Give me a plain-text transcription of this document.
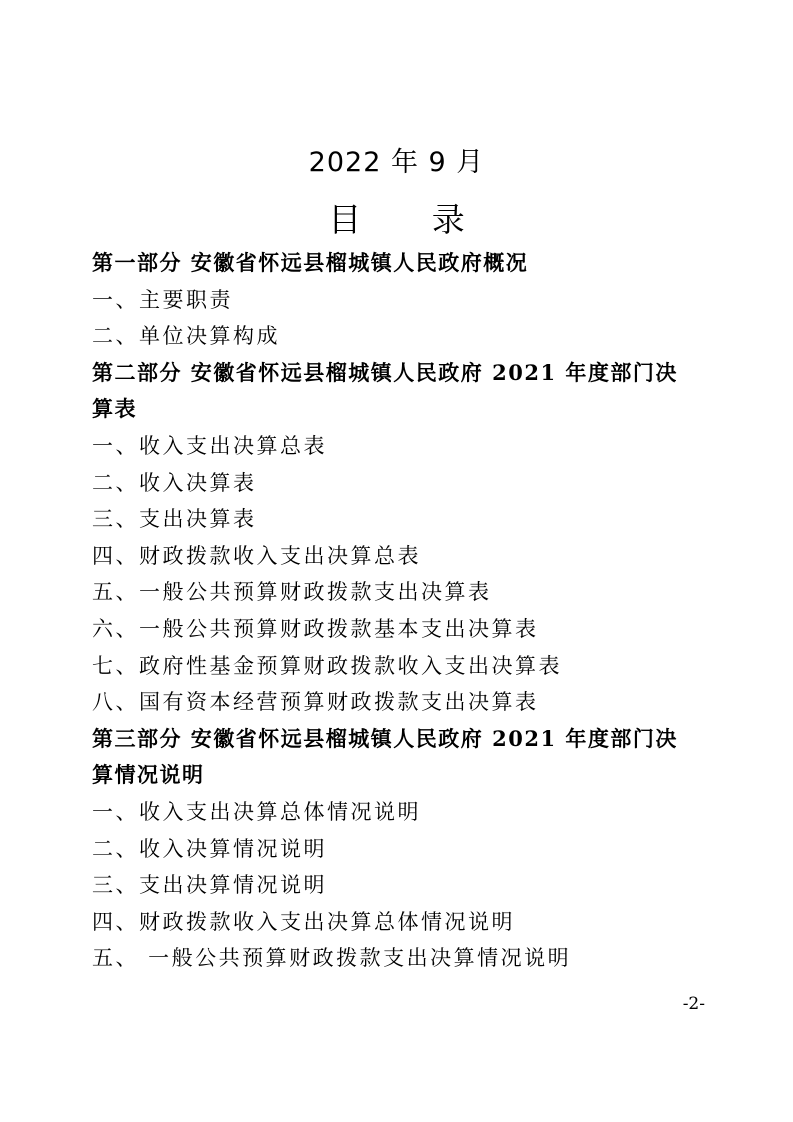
2022 年 9 月
目 录
第一部分 安徽省怀远县榴城镇人民政府概况
一、主要职责
二、单位决算构成
第二部分 安徽省怀远县榴城镇人民政府 2021 年度部门决
算表
一、收入支出决算总表
二、收入决算表
三、支出决算表
四、财政拨款收入支出决算总表
五、一般公共预算财政拨款支出决算表
六、一般公共预算财政拨款基本支出决算表
七、政府性基金预算财政拨款收入支出决算表
八、国有资本经营预算财政拨款支出决算表
第三部分 安徽省怀远县榴城镇人民政府 2021 年度部门决
算情况说明
一、收入支出决算总体情况说明
二、收入决算情况说明
三、支出决算情况说明
四、财政拨款收入支出决算总体情况说明
五、 一般公共预算财政拨款支出决算情况说明
-2-
